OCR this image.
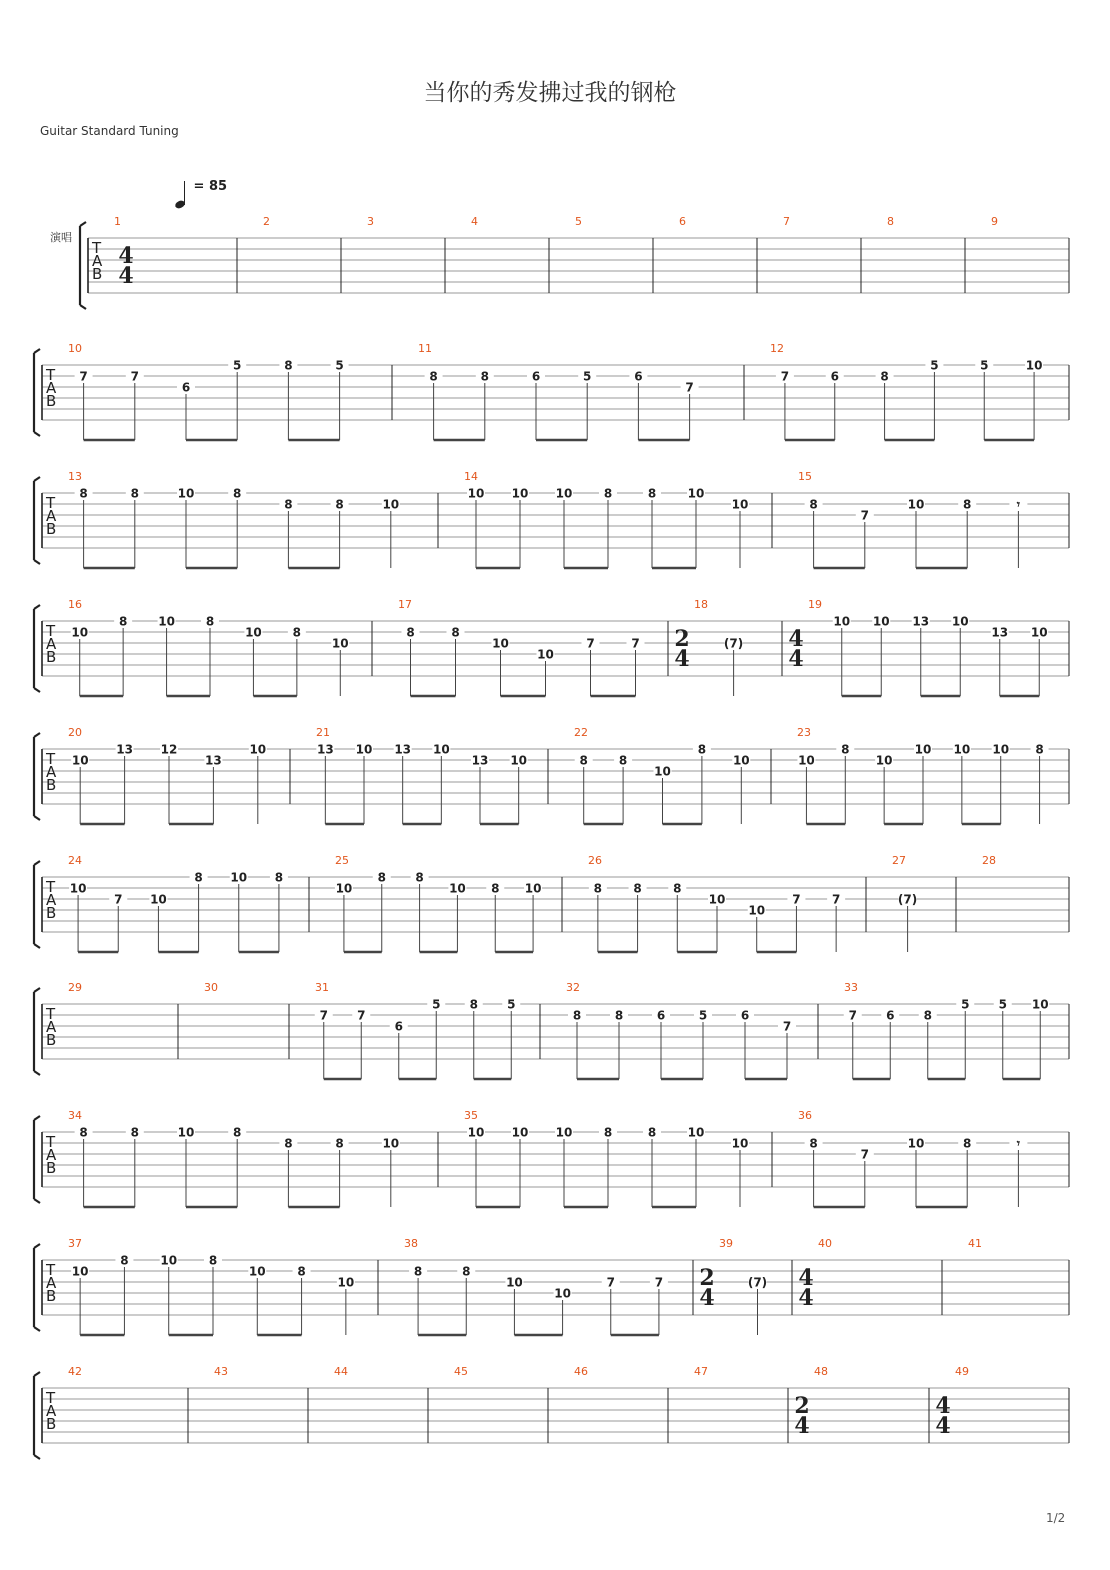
当你的秀发拂过我的钢枪
Guitar Standard Tuning
= 85
演唱
1/2
T
A
B
1
4
4
2	3	4	5	6	7	8	9
T
A
B
10
7	7
6
5	8	5
11
8	8	6	5	6
7
12
7	6	8
5	5	10
T
A
B
13
8	8	10	8
8	8	10
14
10 10 10	8	8	10
10
15
8
7
10	8	𝄾
T
A
B
16
10
8	10	8
10	8
10
17
8	8
10
10
7	7
18
2
4
(7)
19
4
4
10 10 13 10
13 10
T
A
B
20
10
13 12
13
10
21
13 10 13 10
13 10
22
8	8
10
8
10
23
10
8
10
10 10 10 8
T
A
B
24
10
7 10
8 10 8
25
10
8 8
10 8 10
26
8	8	8
10
10
7	7
27
(7)
28
T
A
B
29	30	31
7 7
6
5 8 5
32
8	8	6	5	6
7
33
7 6 8
5 5 10
T
A
B
34
8	8	10	8
8	8	10
35
10 10 10	8	8	10
10
36
8
7
10	8	𝄾
T
A
B
37
10
8	10	8
10	8
10
38
8	8
10
10
7	7
39
2
4
(7)
40
4
4
41
T
A
B
42	43	44	45	46	47	48
2
4
49
4
4
